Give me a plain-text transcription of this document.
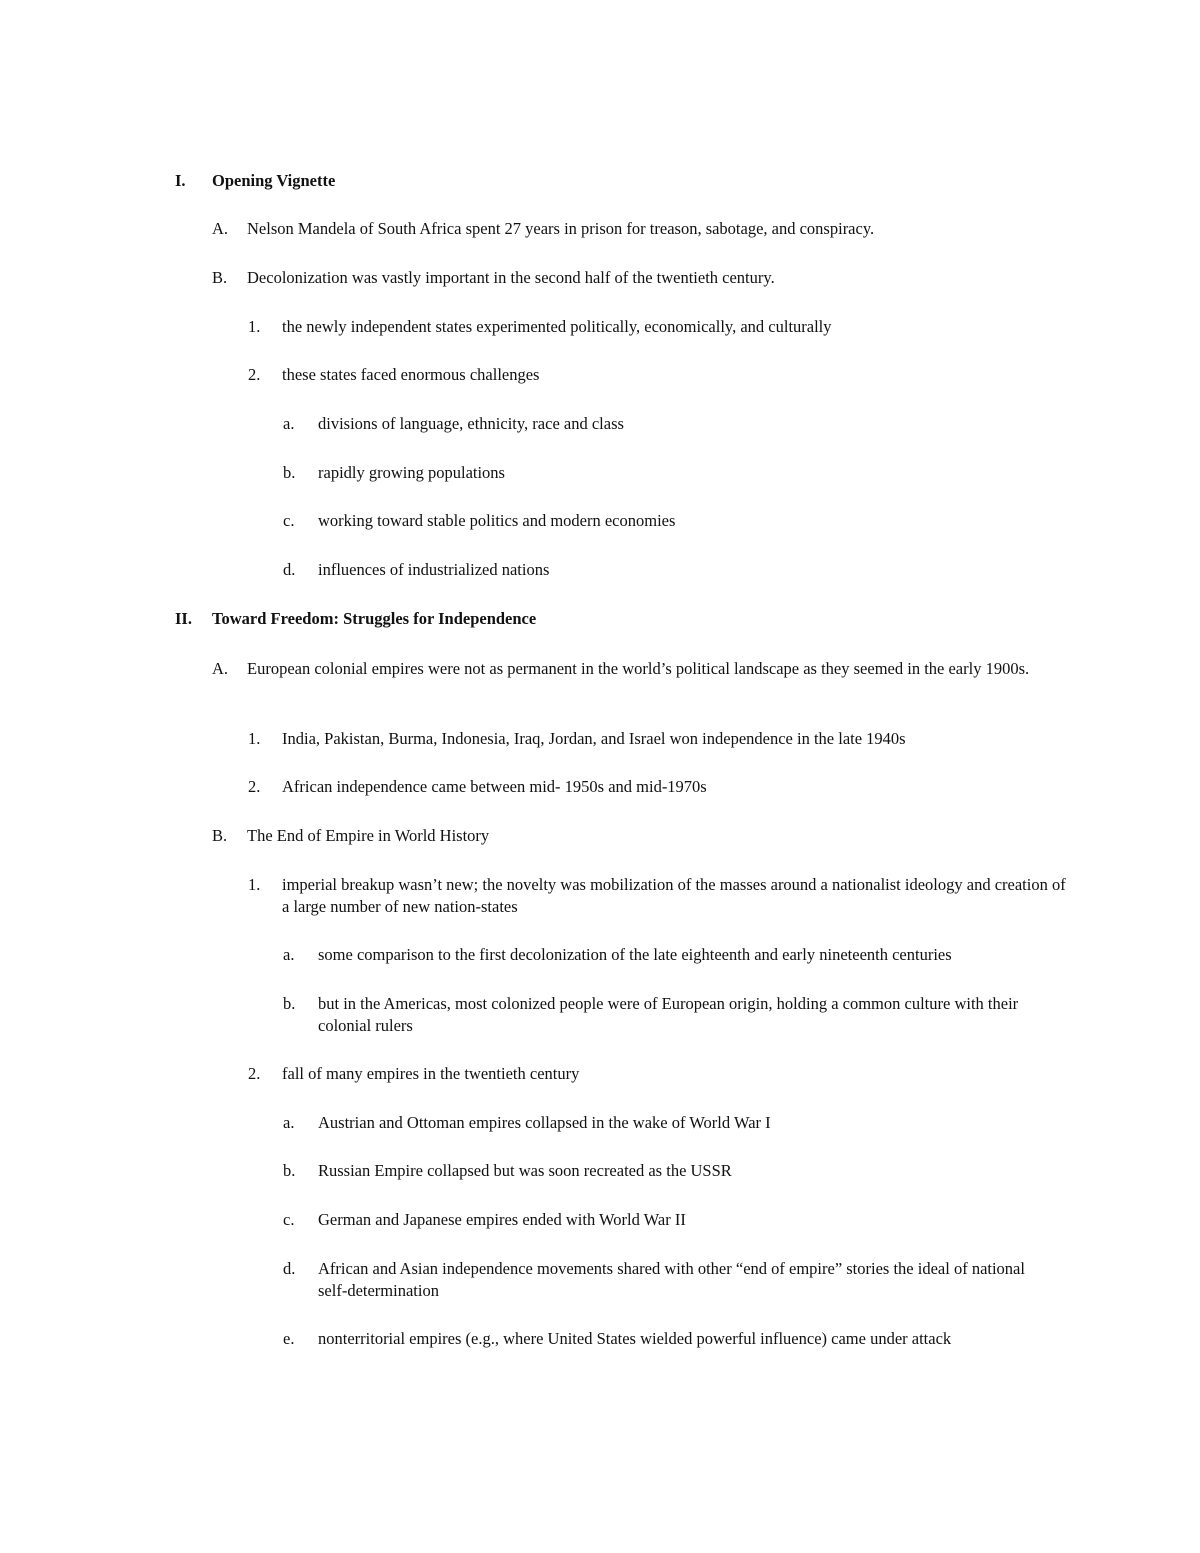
I.	Opening Vignette
A.	Nelson Mandela of South Africa spent 27 years in prison for treason, sabotage, and conspiracy.
B.	Decolonization was vastly important in the second half of the twentieth century.
1.	the newly independent states experimented politically, economically, and culturally
2.	these states faced enormous challenges
a.	divisions of language, ethnicity, race and class
b.	rapidly growing populations
c.	working toward stable politics and modern economies
d.	influences of industrialized nations
II.	Toward Freedom: Struggles for Independence
A.	European colonial empires were not as permanent in the world’s political landscape as they seemed in the early 1900s.
1.	India, Pakistan, Burma, Indonesia, Iraq, Jordan, and Israel won independence in the late 1940s
2.	African independence came between mid- 1950s and mid-1970s
B.	The End of Empire in World History
1.	imperial breakup wasn’t new; the novelty was mobilization of the masses around a nationalist ideology and creation of a large number of new nation-states
a.	some comparison to the first decolonization of the late eighteenth and early nineteenth centuries
b.	but in the Americas, most colonized people were of European origin, holding a common culture with their colonial rulers
2.	fall of many empires in the twentieth century
a.	Austrian and Ottoman empires collapsed in the wake of World War I
b.	Russian Empire collapsed but was soon recreated as the USSR
c.	German and Japanese empires ended with World War II
d.	African and Asian independence movements shared with other “end of empire” stories the ideal of national self-determination
e.	nonterritorial empires (e.g., where United States wielded powerful influence) came under attack
